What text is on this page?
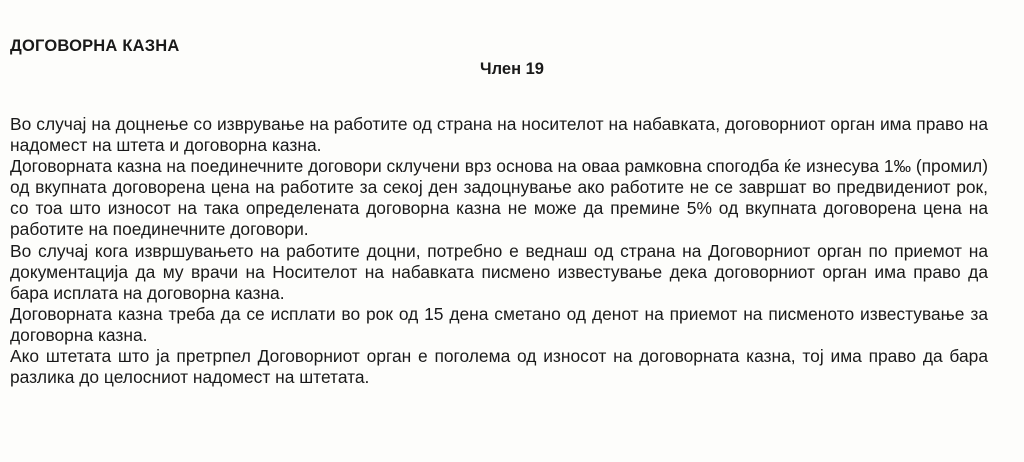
ДОГОВОРНА КАЗНА
Член 19

Во случај на доцнење со изврување на работите од страна на носителот на набавката, договорниот орган има право на надомест на штета и договорна казна.

Договорната казна на поединечните договори склучени врз основа на оваа рамковна спогодба ќе изнесува 1‰ (промил) од вкупната договорена цена на работите за секој ден задоцнување ако работите не се завршат во предвидениот рок, со тоа што износот на така определената договорна казна не може да премине 5% од вкупната договорена цена на работите на поединечните договори.

Во случај кога извршувањето на работите доцни, потребно е веднаш од страна на Договорниот орган по приемот на документација да му врачи на Носителот на набавката писмено известување дека договорниот орган има право да бара исплата на договорна казна.

Договорната казна треба да се исплати во рок од 15 дена сметано од денот на приемот на писменото известување за договорна казна.

Ако штетата што ја претрпел Договорниот орган е поголема од износот на договорната казна, тој има право да бара разлика до целосниот надомест на штетата.
